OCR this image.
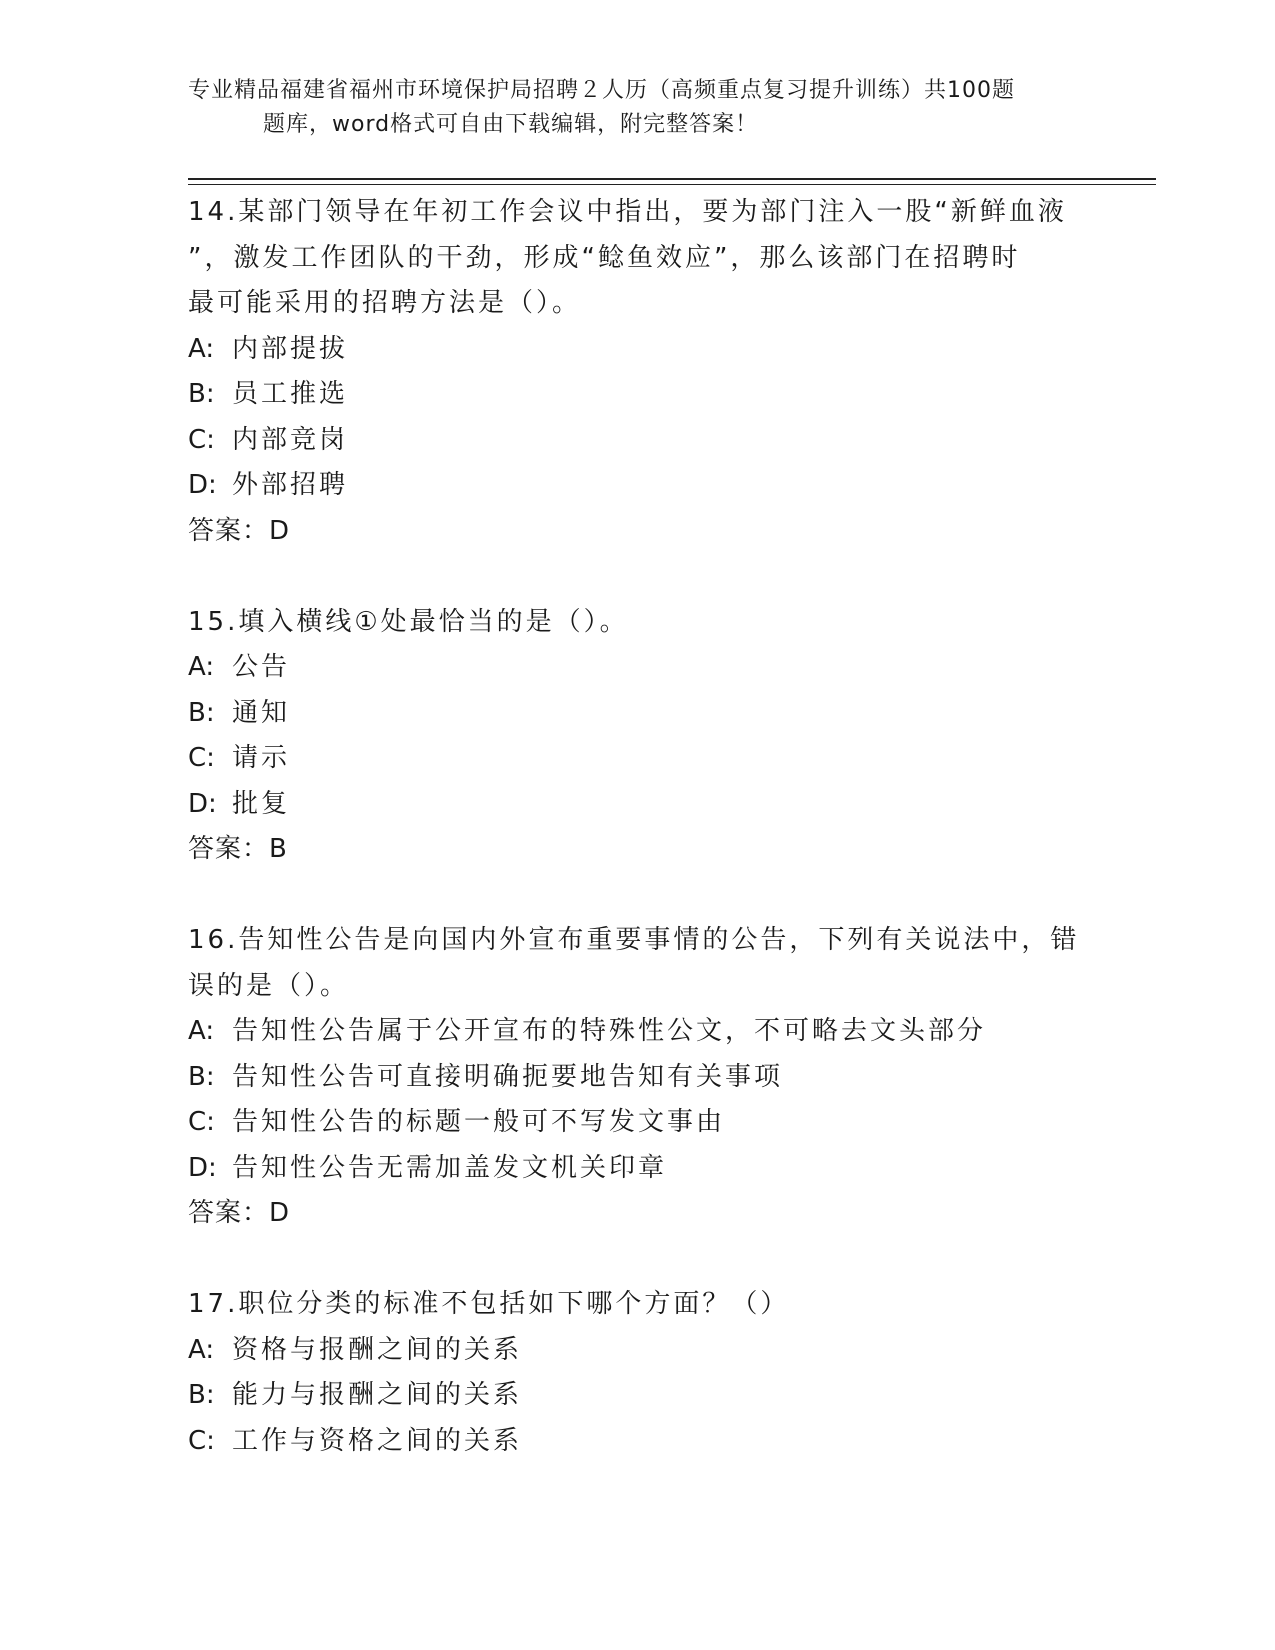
专业精品福建省福州市环境保护局招聘２人历（高频重点复习提升训练）共100题
题库，word格式可自由下载编辑，附完整答案！
14.某部门领导在年初工作会议中指出，要为部门注入一股“新鲜血液
”，激发工作团队的干劲，形成“鲶鱼效应”，那么该部门在招聘时
最可能采用的招聘方法是（）。
A: 内部提拔
B: 员工推选
C: 内部竞岗
D: 外部招聘
答案：D
15.填入横线①处最恰当的是（）。
A: 公告
B: 通知
C: 请示
D: 批复
答案：B
16.告知性公告是向国内外宣布重要事情的公告，下列有关说法中，错
误的是（）。
A: 告知性公告属于公开宣布的特殊性公文，不可略去文头部分
B: 告知性公告可直接明确扼要地告知有关事项
C: 告知性公告的标题一般可不写发文事由
D: 告知性公告无需加盖发文机关印章
答案：D
17.职位分类的标准不包括如下哪个方面？（）
A: 资格与报酬之间的关系
B: 能力与报酬之间的关系
C: 工作与资格之间的关系
